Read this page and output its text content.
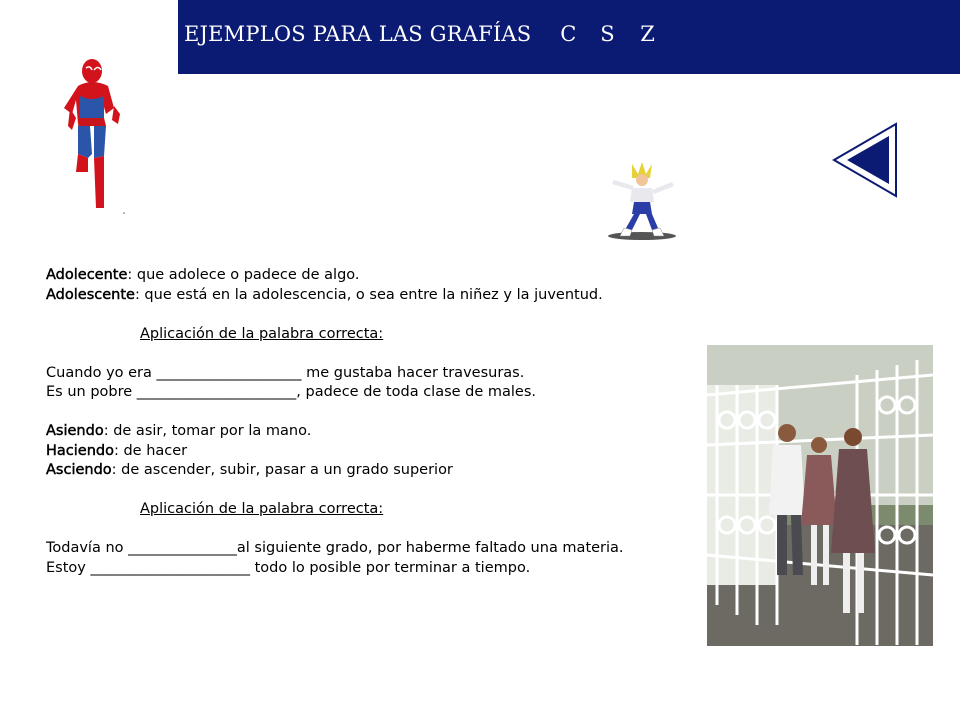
EJEMPLOS PARA LAS GRAFÍAS C S Z

Adolecente: que adolece o padece de algo.

Adolescente: que está en la adolescencia, o sea entre la niñez y la juventud.

Aplicación de la palabra correcta:

Cuando yo era ____________________ me gustaba hacer travesuras.

Es un pobre ______________________, padece de toda clase de males.

Asiendo: de asir, tomar por la mano.

Haciendo: de hacer

Asciendo: de ascender, subir, pasar a un grado superior

Aplicación de la palabra correcta:

Todavía no _______________al siguiente grado, por haberme faltado una materia.

Estoy ______________________ todo lo posible por terminar a tiempo.
